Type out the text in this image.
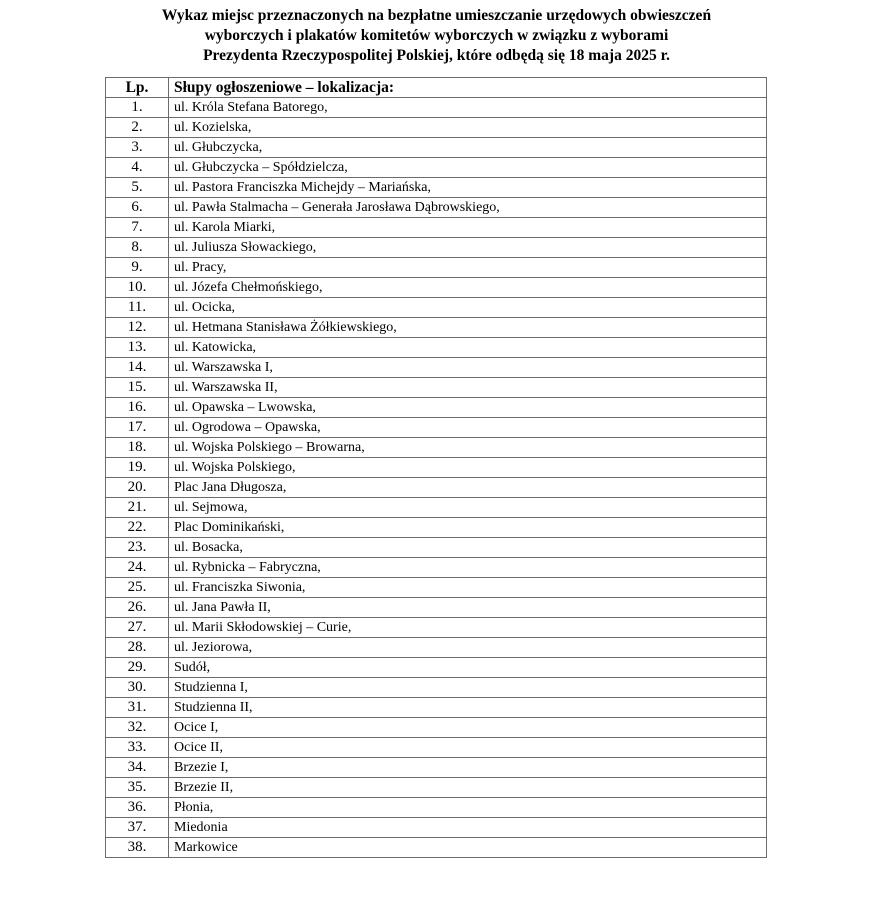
Wykaz miejsc przeznaczonych na bezpłatne umieszczanie urzędowych obwieszczeń
wyborczych i plakatów komitetów wyborczych w związku z wyborami
Prezydenta Rzeczypospolitej Polskiej, które odbędą się 18 maja 2025 r.
Lp.	Słupy ogłoszeniowe – lokalizacja:
1.	ul. Króla Stefana Batorego,
2.	ul. Kozielska,
3.	ul. Głubczycka,
4.	ul. Głubczycka – Spółdzielcza,
5.	ul. Pastora Franciszka Michejdy – Mariańska,
6.	ul. Pawła Stalmacha – Generała Jarosława Dąbrowskiego,
7.	ul. Karola Miarki,
8.	ul. Juliusza Słowackiego,
9.	ul. Pracy,
10.	ul. Józefa Chełmońskiego,
11.	ul. Ocicka,
12.	ul. Hetmana Stanisława Żółkiewskiego,
13.	ul. Katowicka,
14.	ul. Warszawska I,
15.	ul. Warszawska II,
16.	ul. Opawska – Lwowska,
17.	ul. Ogrodowa – Opawska,
18.	ul. Wojska Polskiego – Browarna,
19.	ul. Wojska Polskiego,
20.	Plac Jana Długosza,
21.	ul. Sejmowa,
22.	Plac Dominikański,
23.	ul. Bosacka,
24.	ul. Rybnicka – Fabryczna,
25.	ul. Franciszka Siwonia,
26.	ul. Jana Pawła II,
27.	ul. Marii Skłodowskiej – Curie,
28.	ul. Jeziorowa,
29.	Sudół,
30.	Studzienna I,
31.	Studzienna II,
32.	Ocice I,
33.	Ocice II,
34.	Brzezie I,
35.	Brzezie II,
36.	Płonia,
37.	Miedonia
38.	Markowice
